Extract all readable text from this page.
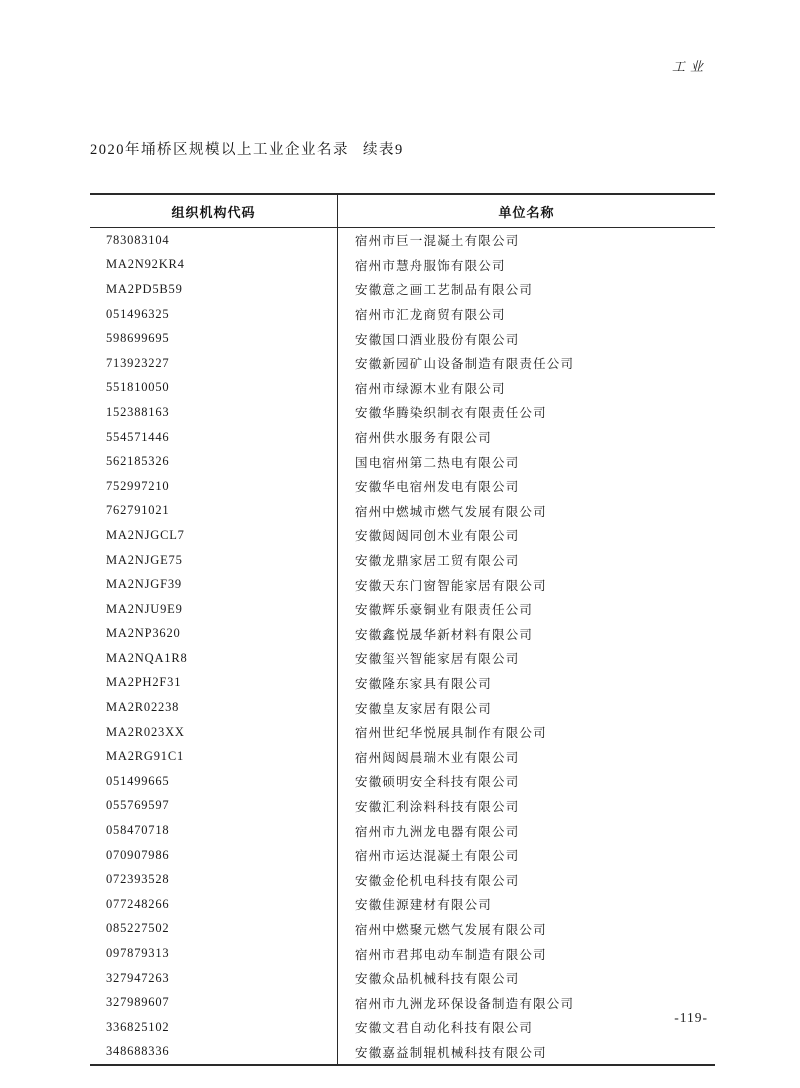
工业
2020年埇桥区规模以上工业企业名录 续表9
组织机构代码	单位名称
783083104	宿州市巨一混凝土有限公司
MA2N92KR4	宿州市慧舟服饰有限公司
MA2PD5B59	安徽意之画工艺制品有限公司
051496325	宿州市汇龙商贸有限公司
598699695	安徽国口酒业股份有限公司
713923227	安徽新园矿山设备制造有限责任公司
551810050	宿州市绿源木业有限公司
152388163	安徽华腾染织制衣有限责任公司
554571446	宿州供水服务有限公司
562185326	国电宿州第二热电有限公司
752997210	安徽华电宿州发电有限公司
762791021	宿州中燃城市燃气发展有限公司
MA2NJGCL7	安徽闼闼同创木业有限公司
MA2NJGE75	安徽龙鼎家居工贸有限公司
MA2NJGF39	安徽天东门窗智能家居有限公司
MA2NJU9E9	安徽辉乐豪铜业有限责任公司
MA2NP3620	安徽鑫悦晟华新材料有限公司
MA2NQA1R8	安徽玺兴智能家居有限公司
MA2PH2F31	安徽隆东家具有限公司
MA2R02238	安徽皇友家居有限公司
MA2R023XX	宿州世纪华悦展具制作有限公司
MA2RG91C1	宿州闼闼晨瑞木业有限公司
051499665	安徽硕明安全科技有限公司
055769597	安徽汇利涂料科技有限公司
058470718	宿州市九洲龙电器有限公司
070907986	宿州市运达混凝土有限公司
072393528	安徽金伦机电科技有限公司
077248266	安徽佳源建材有限公司
085227502	宿州中燃聚元燃气发展有限公司
097879313	宿州市君邦电动车制造有限公司
327947263	安徽众品机械科技有限公司
327989607	宿州市九洲龙环保设备制造有限公司
336825102	安徽文君自动化科技有限公司
348688336	安徽嘉益制辊机械科技有限公司
-119-
